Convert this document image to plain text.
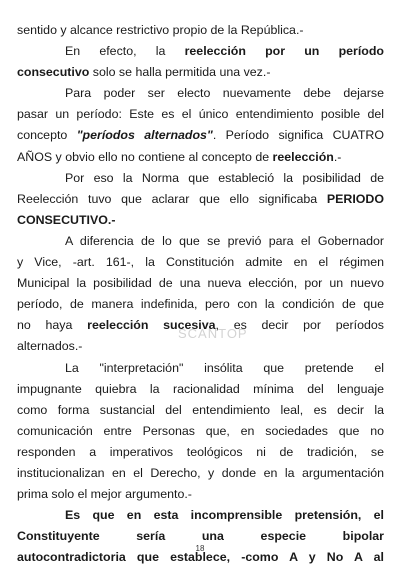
sentido y alcance restrictivo propio de la República.-
En efecto, la reelección por un período
consecutivo solo se halla permitida una vez.-
Para poder ser electo nuevamente debe dejarse
pasar un período: Este es el único entendimiento posible del
concepto "períodos alternados". Período significa CUATRO
AÑOS y obvio ello no contiene al concepto de reelección.-
Por eso la Norma que estableció la posibilidad de
Reelección tuvo que aclarar que ello significaba PERIODO
CONSECUTIVO.-
A diferencia de lo que se previó para el Gobernador
y Vice, -art. 161-, la Constitución admite en el régimen
Municipal la posibilidad de una nueva elección, por un nuevo
período, de manera indefinida, pero con la condición de que
no haya reelección sucesiva, es decir por períodos
alternados.-
La "interpretación" insólita que pretende el
impugnante quiebra la racionalidad mínima del lenguaje
como forma sustancial del entendimiento leal, es decir la
comunicación entre Personas que, en sociedades que no
responden a imperativos teológicos ni de tradición, se
institucionalizan en el Derecho, y donde en la argumentación
prima solo el mejor argumento.-
Es que en esta incomprensible pretensión, el
Constituyente sería una especie bipolar
autocontradictoria que establece, -como A y No A al
SCANTOP
18
